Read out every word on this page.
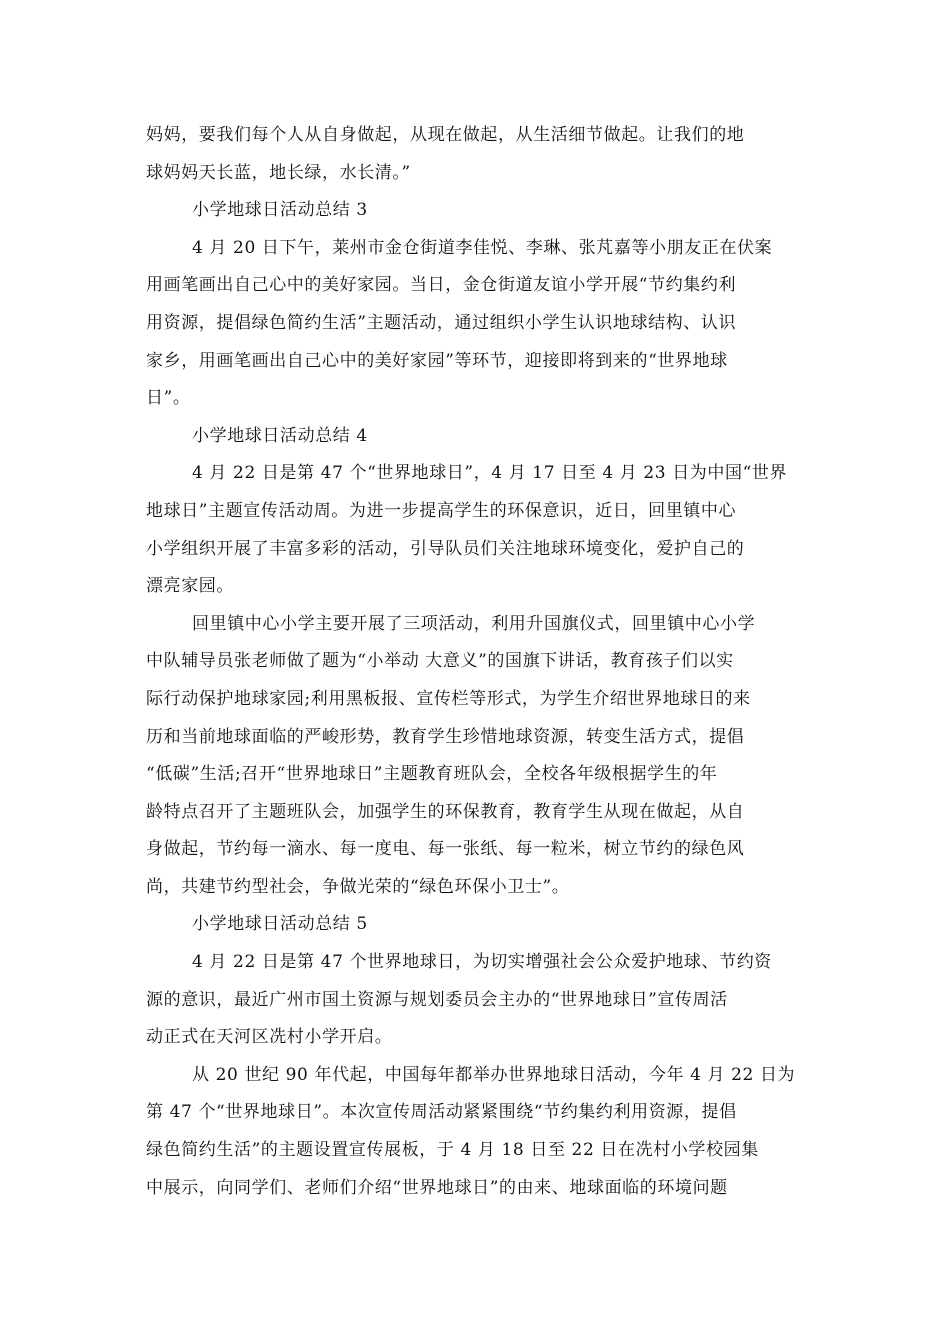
妈妈，要我们每个人从自身做起，从现在做起，从生活细节做起。让我们的地
球妈妈天长蓝，地长绿，水长清。”
小学地球日活动总结 3
4 月 20 日下午，莱州市金仓街道李佳悦、李琳、张芃嘉等小朋友正在伏案
用画笔画出自己心中的美好家园。当日，金仓街道友谊小学开展“节约集约利
用资源，提倡绿色简约生活”主题活动，通过组织小学生认识地球结构、认识
家乡，用画笔画出自己心中的美好家园”等环节，迎接即将到来的“世界地球
日”。
小学地球日活动总结 4
4 月 22 日是第 47 个“世界地球日”，4 月 17 日至 4 月 23 日为中国“世界
地球日”主题宣传活动周。为进一步提高学生的环保意识，近日，回里镇中心
小学组织开展了丰富多彩的活动，引导队员们关注地球环境变化，爱护自己的
漂亮家园。
回里镇中心小学主要开展了三项活动，利用升国旗仪式，回里镇中心小学
中队辅导员张老师做了题为“小举动 大意义”的国旗下讲话，教育孩子们以实
际行动保护地球家园;利用黑板报、宣传栏等形式，为学生介绍世界地球日的来
历和当前地球面临的严峻形势，教育学生珍惜地球资源，转变生活方式，提倡
“低碳”生活;召开“世界地球日”主题教育班队会，全校各年级根据学生的年
龄特点召开了主题班队会，加强学生的环保教育，教育学生从现在做起，从自
身做起，节约每一滴水、每一度电、每一张纸、每一粒米，树立节约的绿色风
尚，共建节约型社会，争做光荣的“绿色环保小卫士”。
小学地球日活动总结 5
4 月 22 日是第 47 个世界地球日，为切实增强社会公众爱护地球、节约资
源的意识，最近广州市国土资源与规划委员会主办的“世界地球日”宣传周活
动正式在天河区冼村小学开启。
从 20 世纪 90 年代起，中国每年都举办世界地球日活动，今年 4 月 22 日为
第 47 个“世界地球日”。本次宣传周活动紧紧围绕“节约集约利用资源，提倡
绿色简约生活”的主题设置宣传展板，于 4 月 18 日至 22 日在冼村小学校园集
中展示，向同学们、老师们介绍“世界地球日”的由来、地球面临的环境问题
